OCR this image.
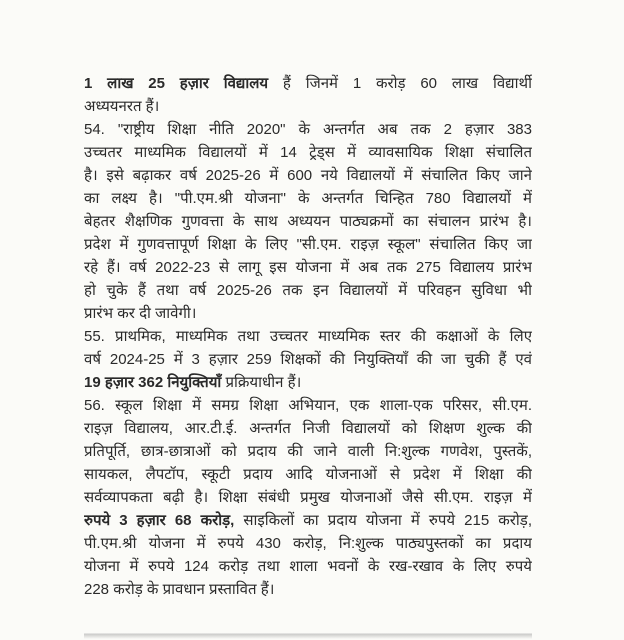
1 लाख 25 हज़ार विद्यालय हैं जिनमें 1 करोड़ 60 लाख विद्यार्थी
अध्ययनरत हैं।
54. "राष्ट्रीय शिक्षा नीति 2020" के अन्तर्गत अब तक 2 हज़ार 383
उच्चतर माध्यमिक विद्यालयों में 14 ट्रेड्स में व्यावसायिक शिक्षा संचालित
है। इसे बढ़ाकर वर्ष 2025-26 में 600 नये विद्यालयों में संचालित किए जाने
का लक्ष्य है। "पी.एम.श्री योजना" के अन्तर्गत चिन्हित 780 विद्यालयों में
बेहतर शैक्षणिक गुणवत्ता के साथ अध्ययन पाठ्यक्रमों का संचालन प्रारंभ है।
प्रदेश में गुणवत्तापूर्ण शिक्षा के लिए "सी.एम. राइज़ स्कूल" संचालित किए जा
रहे हैं। वर्ष 2022-23 से लागू इस योजना में अब तक 275 विद्यालय प्रारंभ
हो चुके हैं तथा वर्ष 2025-26 तक इन विद्यालयों में परिवहन सुविधा भी
प्रारंभ कर दी जावेगी।
55. प्राथमिक, माध्यमिक तथा उच्चतर माध्यमिक स्तर की कक्षाओं के लिए
वर्ष 2024-25 में 3 हज़ार 259 शिक्षकों की नियुक्तियाँ की जा चुकी हैं एवं
19 हज़ार 362 नियुक्तियाँ प्रक्रियाधीन हैं।
56. स्कूल शिक्षा में समग्र शिक्षा अभियान, एक शाला-एक परिसर, सी.एम.
राइज़ विद्यालय, आर.टी.ई. अन्तर्गत निजी विद्यालयों को शिक्षण शुल्क की
प्रतिपूर्ति, छात्र-छात्राओं को प्रदाय की जाने वाली नि:शुल्क गणवेश, पुस्तकें,
सायकल, लैपटॉप, स्कूटी प्रदाय आदि योजनाओं से प्रदेश में शिक्षा की
सर्वव्यापकता बढ़ी है। शिक्षा संबंधी प्रमुख योजनाओं जैसे सी.एम. राइज़ में
रुपये 3 हज़ार 68 करोड़, साइकिलों का प्रदाय योजना में रुपये 215 करोड़,
पी.एम.श्री योजना में रुपये 430 करोड़, नि:शुल्क पाठ्यपुस्तकों का प्रदाय
योजना में रुपये 124 करोड़ तथा शाला भवनों के रख-रखाव के लिए रुपये
228 करोड़ के प्रावधान प्रस्तावित हैं।
